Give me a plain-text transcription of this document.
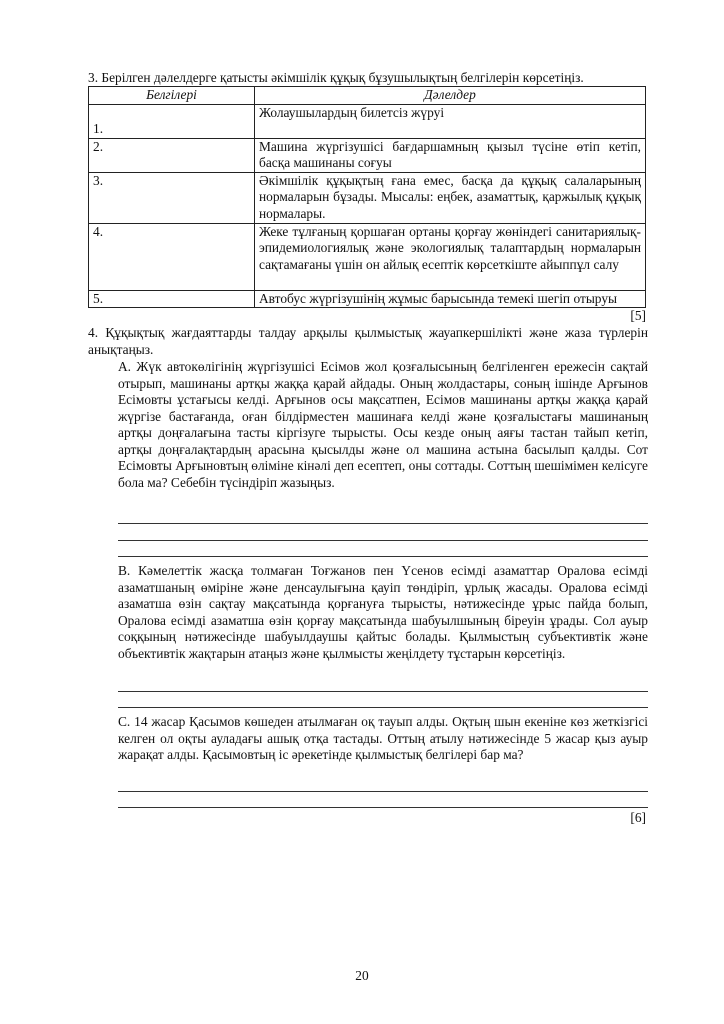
3. Берілген дәлелдерге қатысты әкімшілік құқық бұзушылықтың белгілерін көрсетіңіз.
Белгілері	Дәлелдер
1.	Жолаушылардың билетсіз жүруі
2.	Машина жүргізушісі бағдаршамның қызыл түсіне өтіп кетіп, басқа машинаны соғуы
3.	Әкімшілік құқықтың ғана емес, басқа да құқық салаларының нормаларын бұзады. Мысалы: еңбек, азаматтық, қаржылық құқық нормалары.
4.	Жеке тұлғаның қоршаған ортаны қорғау жөніндегі санитариялық-эпидемиологиялық және экологиялық талаптардың нормаларын сақтамағаны үшін он айлық есептік көрсеткіште айыппұл салу
5.	Автобус жүргізушінің жұмыс барысында темекі шегіп отыруы
[5]
4. Құқықтық жағдаяттарды талдау арқылы қылмыстық жауапкершілікті және жаза түрлерін анықтаңыз.
А. Жүк автокөлігінің жүргізушісі Есімов жол қозғалысының белгіленген ережесін сақтай отырып, машинаны артқы жаққа қарай айдады. Оның жолдастары, соның ішінде Арғынов Есімовты ұстағысы келді. Арғынов осы мақсатпен, Есімов машинаны артқы жаққа қарай жүргізе бастағанда, оған білдірместен машинаға келді және қозғалыстағы машинаның артқы доңғалағына тасты кіргізуге тырысты. Осы кезде оның аяғы тастан тайып кетіп, артқы доңғалақтардың арасына қысылды және ол машина астына басылып қалды. Сот Есімовты Арғыновтың өліміне кінәлі деп есептеп, оны соттады. Соттың шешімімен келісуге бола ма? Себебін түсіндіріп жазыңыз.
В. Кәмелеттік жасқа толмаған Тоғжанов пен Үсенов есімді азаматтар Оралова есімді азаматшаның өміріне және денсаулығына қауіп төндіріп, ұрлық жасады. Оралова есімді азаматша өзін сақтау мақсатында қорғануға тырысты, нәтижесінде ұрыс пайда болып, Оралова есімді азаматша өзін қорғау мақсатында шабуылшының біреуін ұрады. Сол ауыр соққының нәтижесінде шабуылдаушы қайтыс болады. Қылмыстың субъективтік және объективтік жақтарын атаңыз және қылмысты жеңілдету тұстарын көрсетіңіз.
С. 14 жасар Қасымов көшеден атылмаған оқ тауып алды. Оқтың шын екеніне көз жеткізгісі келген ол оқты ауладағы ашық отқа тастады. Оттың атылу нәтижесінде 5 жасар қыз ауыр жарақат алды. Қасымовтың іс әрекетінде қылмыстық белгілері бар ма?
[6]
20
